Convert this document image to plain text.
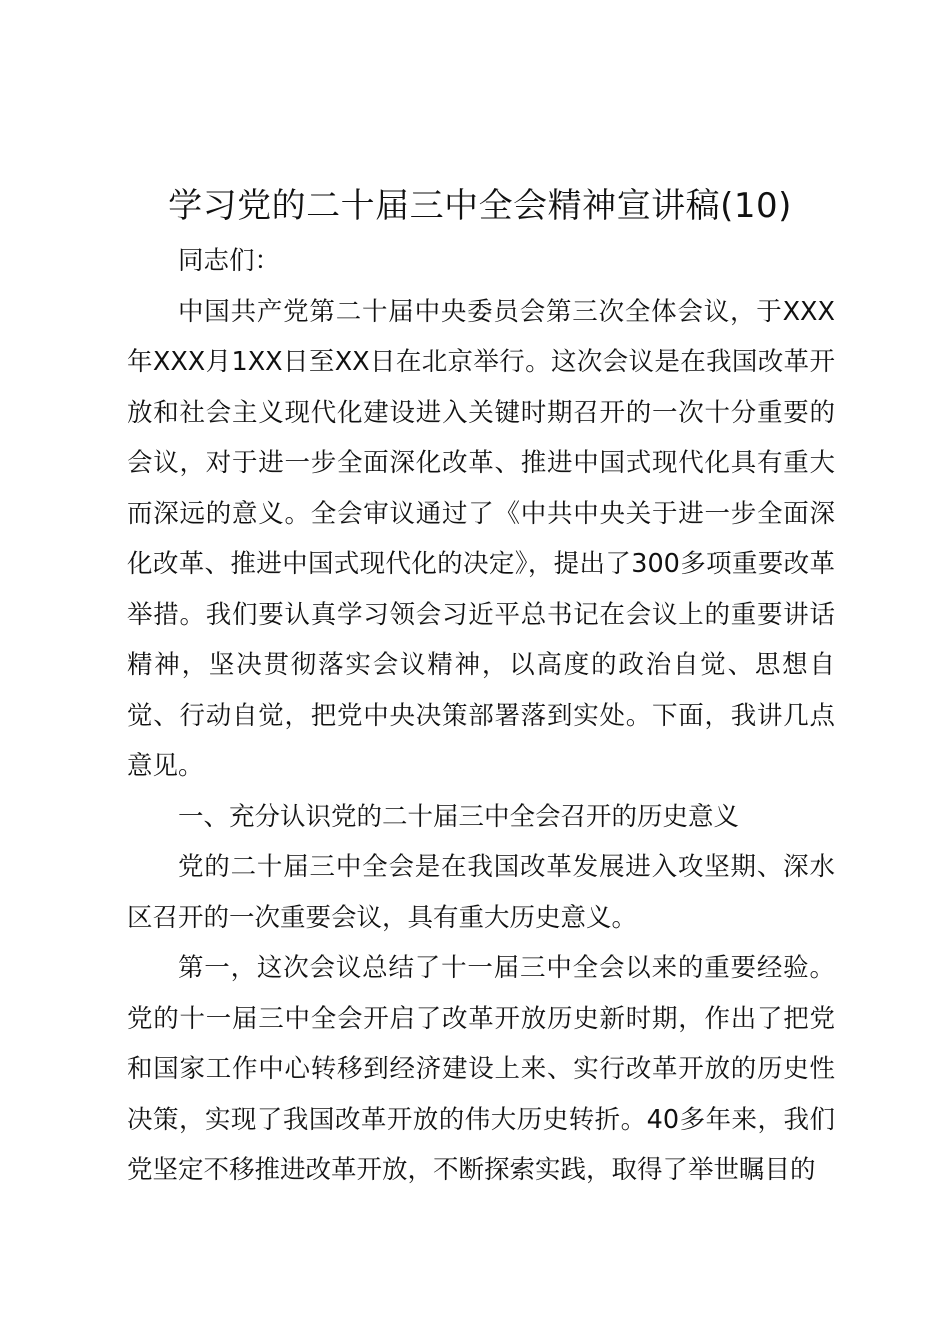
学习党的二十届三中全会精神宣讲稿(10)

同志们：

中国共产党第二十届中央委员会第三次全体会议，于XXX年XXX月1XX日至XX日在北京举行。这次会议是在我国改革开放和社会主义现代化建设进入关键时期召开的一次十分重要的会议，对于进一步全面深化改革、推进中国式现代化具有重大而深远的意义。全会审议通过了《中共中央关于进一步全面深化改革、推进中国式现代化的决定》，提出了300多项重要改革举措。我们要认真学习领会习近平总书记在会议上的重要讲话精神，坚决贯彻落实会议精神，以高度的政治自觉、思想自觉、行动自觉，把党中央决策部署落到实处。下面，我讲几点意见。

一、充分认识党的二十届三中全会召开的历史意义

党的二十届三中全会是在我国改革发展进入攻坚期、深水区召开的一次重要会议，具有重大历史意义。

第一，这次会议总结了十一届三中全会以来的重要经验。党的十一届三中全会开启了改革开放历史新时期，作出了把党和国家工作中心转移到经济建设上来、实行改革开放的历史性决策，实现了我国改革开放的伟大历史转折。40多年来，我们党坚定不移推进改革开放，不断探索实践，取得了举世瞩目的
